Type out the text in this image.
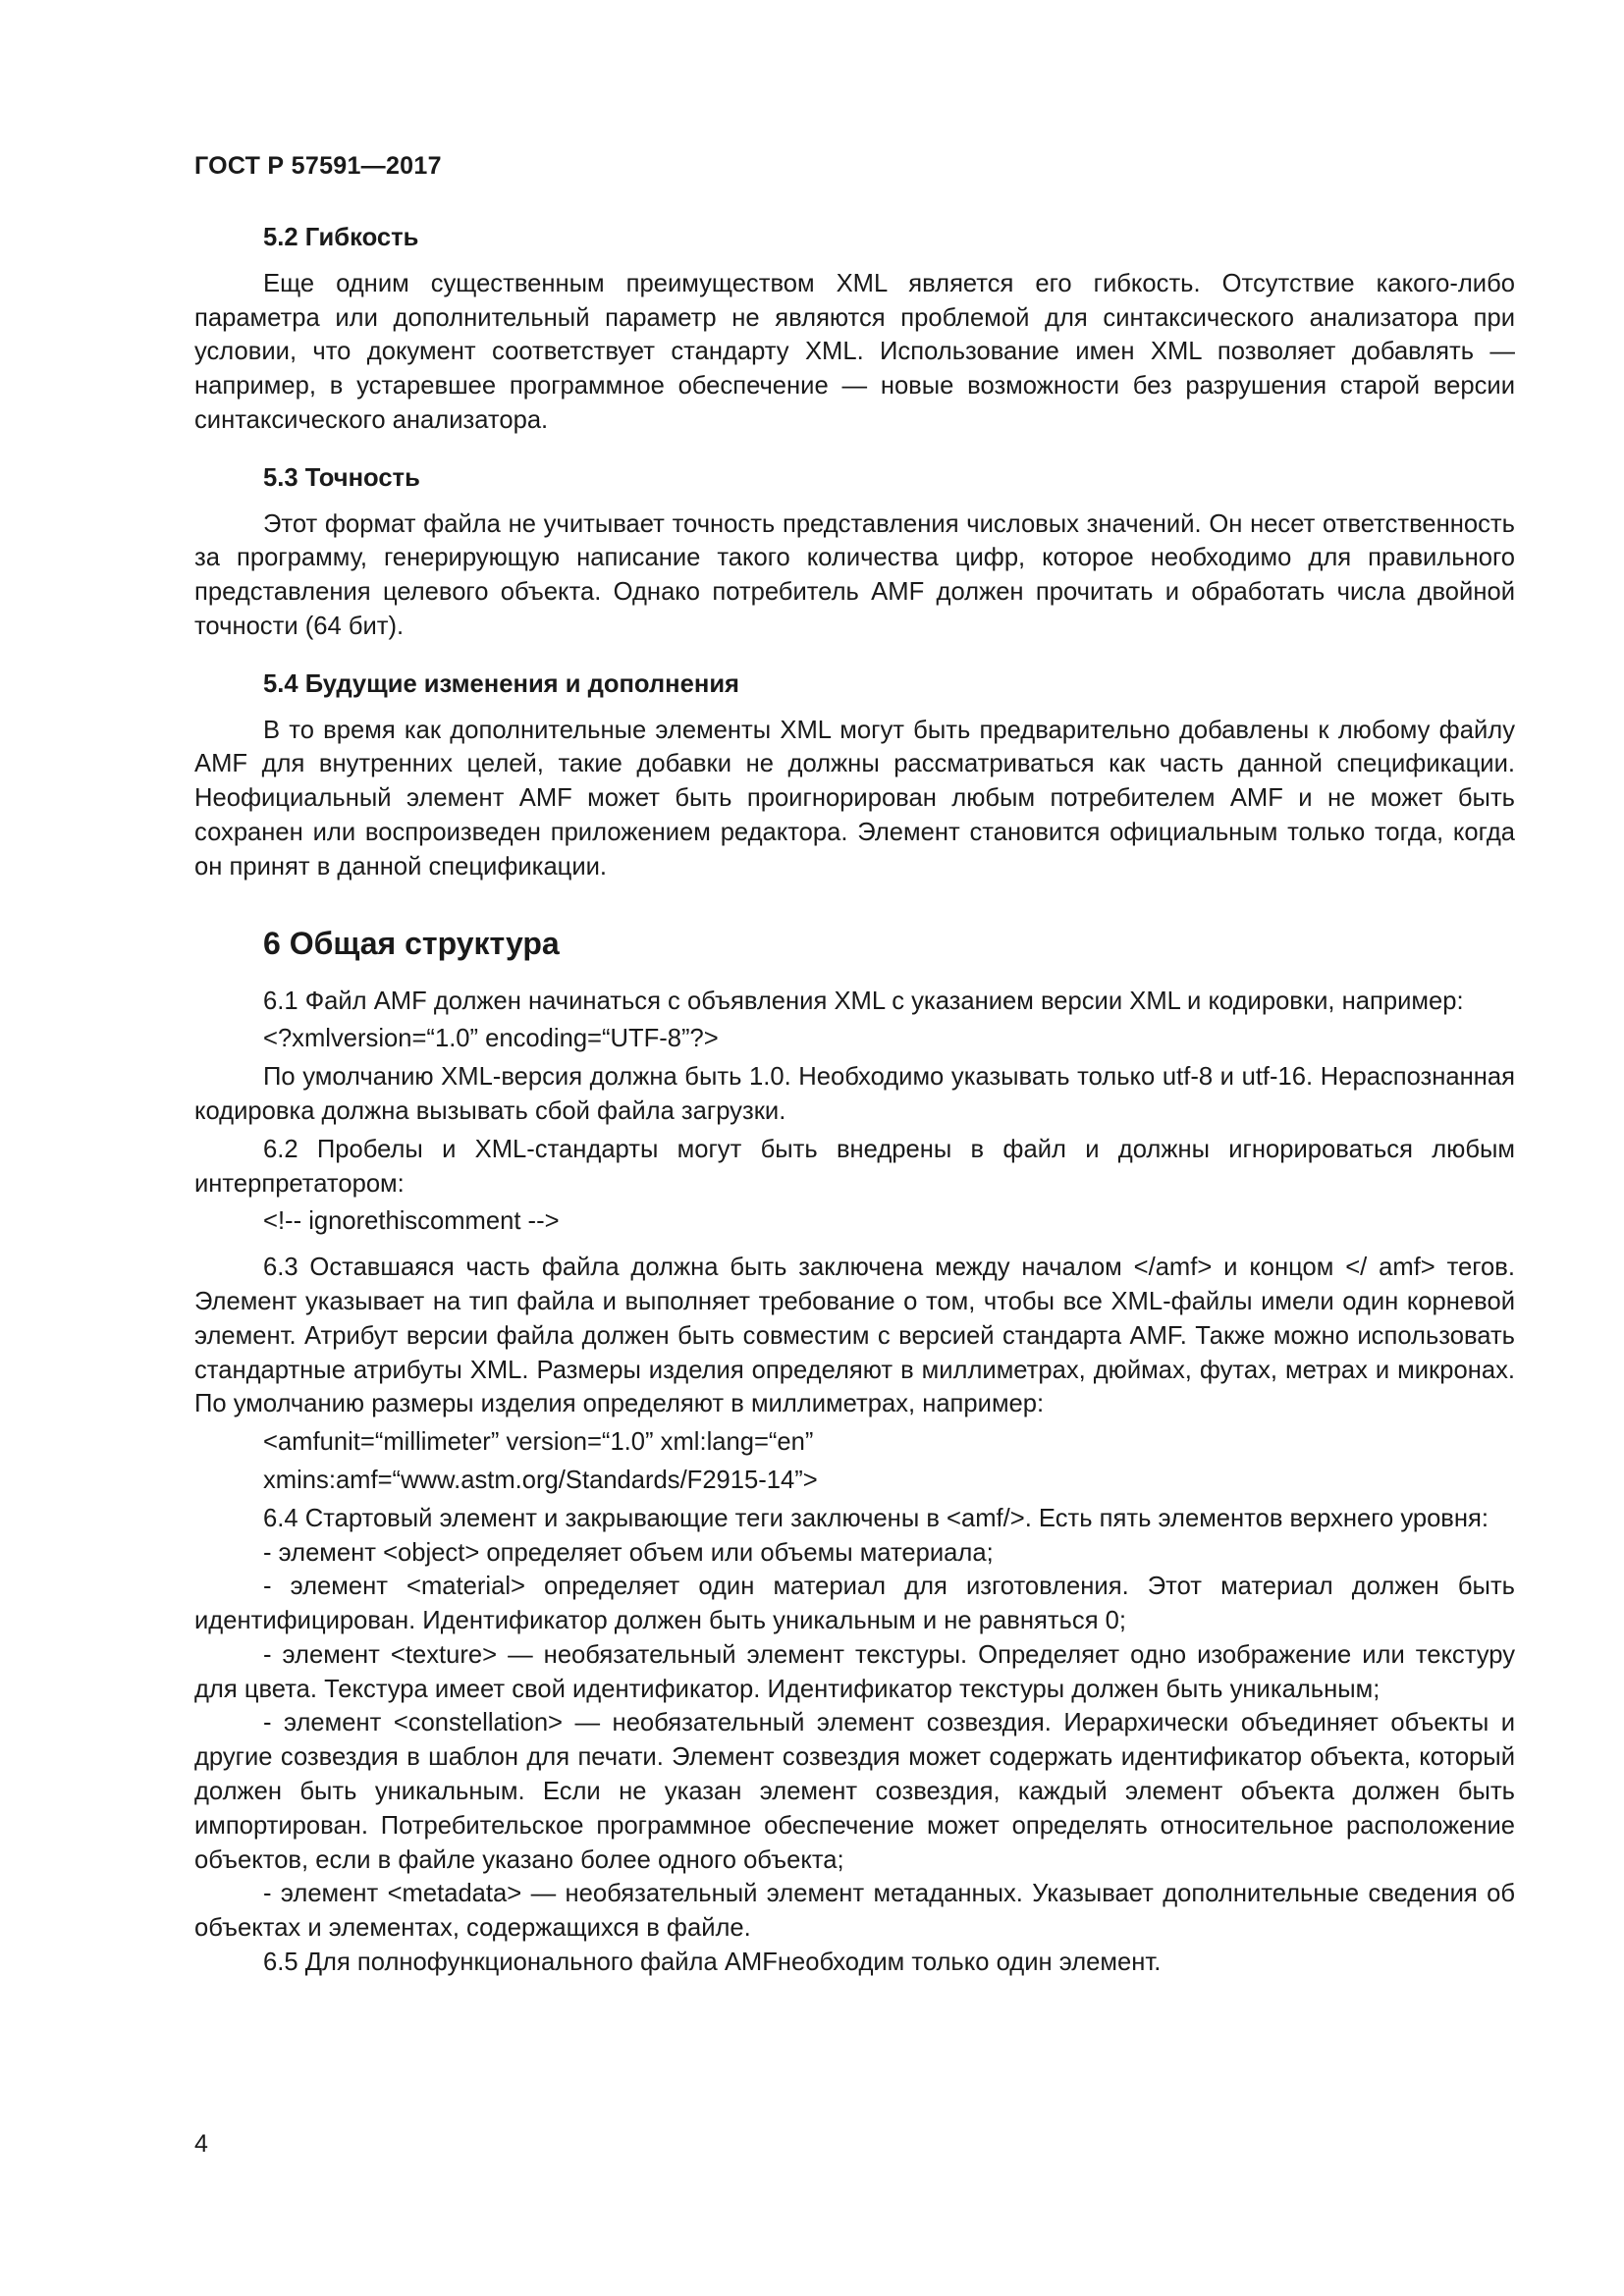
ГОСТ Р 57591—2017
5.2 Гибкость

Еще одним существенным преимуществом XML является его гибкость. Отсутствие какого-либо параметра или дополнительный параметр не являются проблемой для синтаксического анализатора при условии, что документ соответствует стандарту XML. Использование имен XML позволяет добавлять — например, в устаревшее программное обеспечение — новые возможности без разрушения старой версии синтаксического анализатора.

5.3 Точность

Этот формат файла не учитывает точность представления числовых значений. Он несет ответственность за программу, генерирующую написание такого количества цифр, которое необходимо для правильного представления целевого объекта. Однако потребитель AMF должен прочитать и обработать числа двойной точности (64 бит).

5.4 Будущие изменения и дополнения

В то время как дополнительные элементы XML могут быть предварительно добавлены к любому файлу AMF для внутренних целей, такие добавки не должны рассматриваться как часть данной спецификации. Неофициальный элемент AMF может быть проигнорирован любым потребителем AMF и не может быть сохранен или воспроизведен приложением редактора. Элемент становится официальным только тогда, когда он принят в данной спецификации.

6 Общая структура

6.1 Файл AMF должен начинаться с объявления XML с указанием версии XML и кодировки, например:

<?xmlversion=“1.0” encoding=“UTF-8”?>

По умолчанию XML-версия должна быть 1.0. Необходимо указывать только utf-8 и utf-16. Нераспознанная кодировка должна вызывать сбой файла загрузки.

6.2 Пробелы и XML-стандарты могут быть внедрены в файл и должны игнорироваться любым интерпретатором:

<!-- ignorethiscomment -->

6.3 Оставшаяся часть файла должна быть заключена между началом </amf> и концом </ amf> тегов. Элемент указывает на тип файла и выполняет требование о том, чтобы все XML-файлы имели один корневой элемент. Атрибут версии файла должен быть совместим с версией стандарта AMF. Также можно использовать стандартные атрибуты XML. Размеры изделия определяют в миллиметрах, дюймах, футах, метрах и микронах. По умолчанию размеры изделия определяют в миллиметрах, например:

<amfunit=“millimeter” version=“1.0” xml:lang=“en”

xmins:amf=“www.astm.org/Standards/F2915-14”>

6.4 Стартовый элемент и закрывающие теги заключены в <amf/>. Есть пять элементов верхнего уровня:

- элемент <object> определяет объем или объемы материала;

- элемент <material> определяет один материал для изготовления. Этот материал должен быть идентифицирован. Идентификатор должен быть уникальным и не равняться 0;

- элемент <texture> — необязательный элемент текстуры. Определяет одно изображение или текстуру для цвета. Текстура имеет свой идентификатор. Идентификатор текстуры должен быть уникальным;

- элемент <constellation> — необязательный элемент созвездия. Иерархически объединяет объекты и другие созвездия в шаблон для печати. Элемент созвездия может содержать идентификатор объекта, который должен быть уникальным. Если не указан элемент созвездия, каждый элемент объекта должен быть импортирован. Потребительское программное обеспечение может определять относительное расположение объектов, если в файле указано более одного объекта;

- элемент <metadata> — необязательный элемент метаданных. Указывает дополнительные сведения об объектах и элементах, содержащихся в файле.

6.5 Для полнофункционального файла AMFнеобходим только один элемент.

4
